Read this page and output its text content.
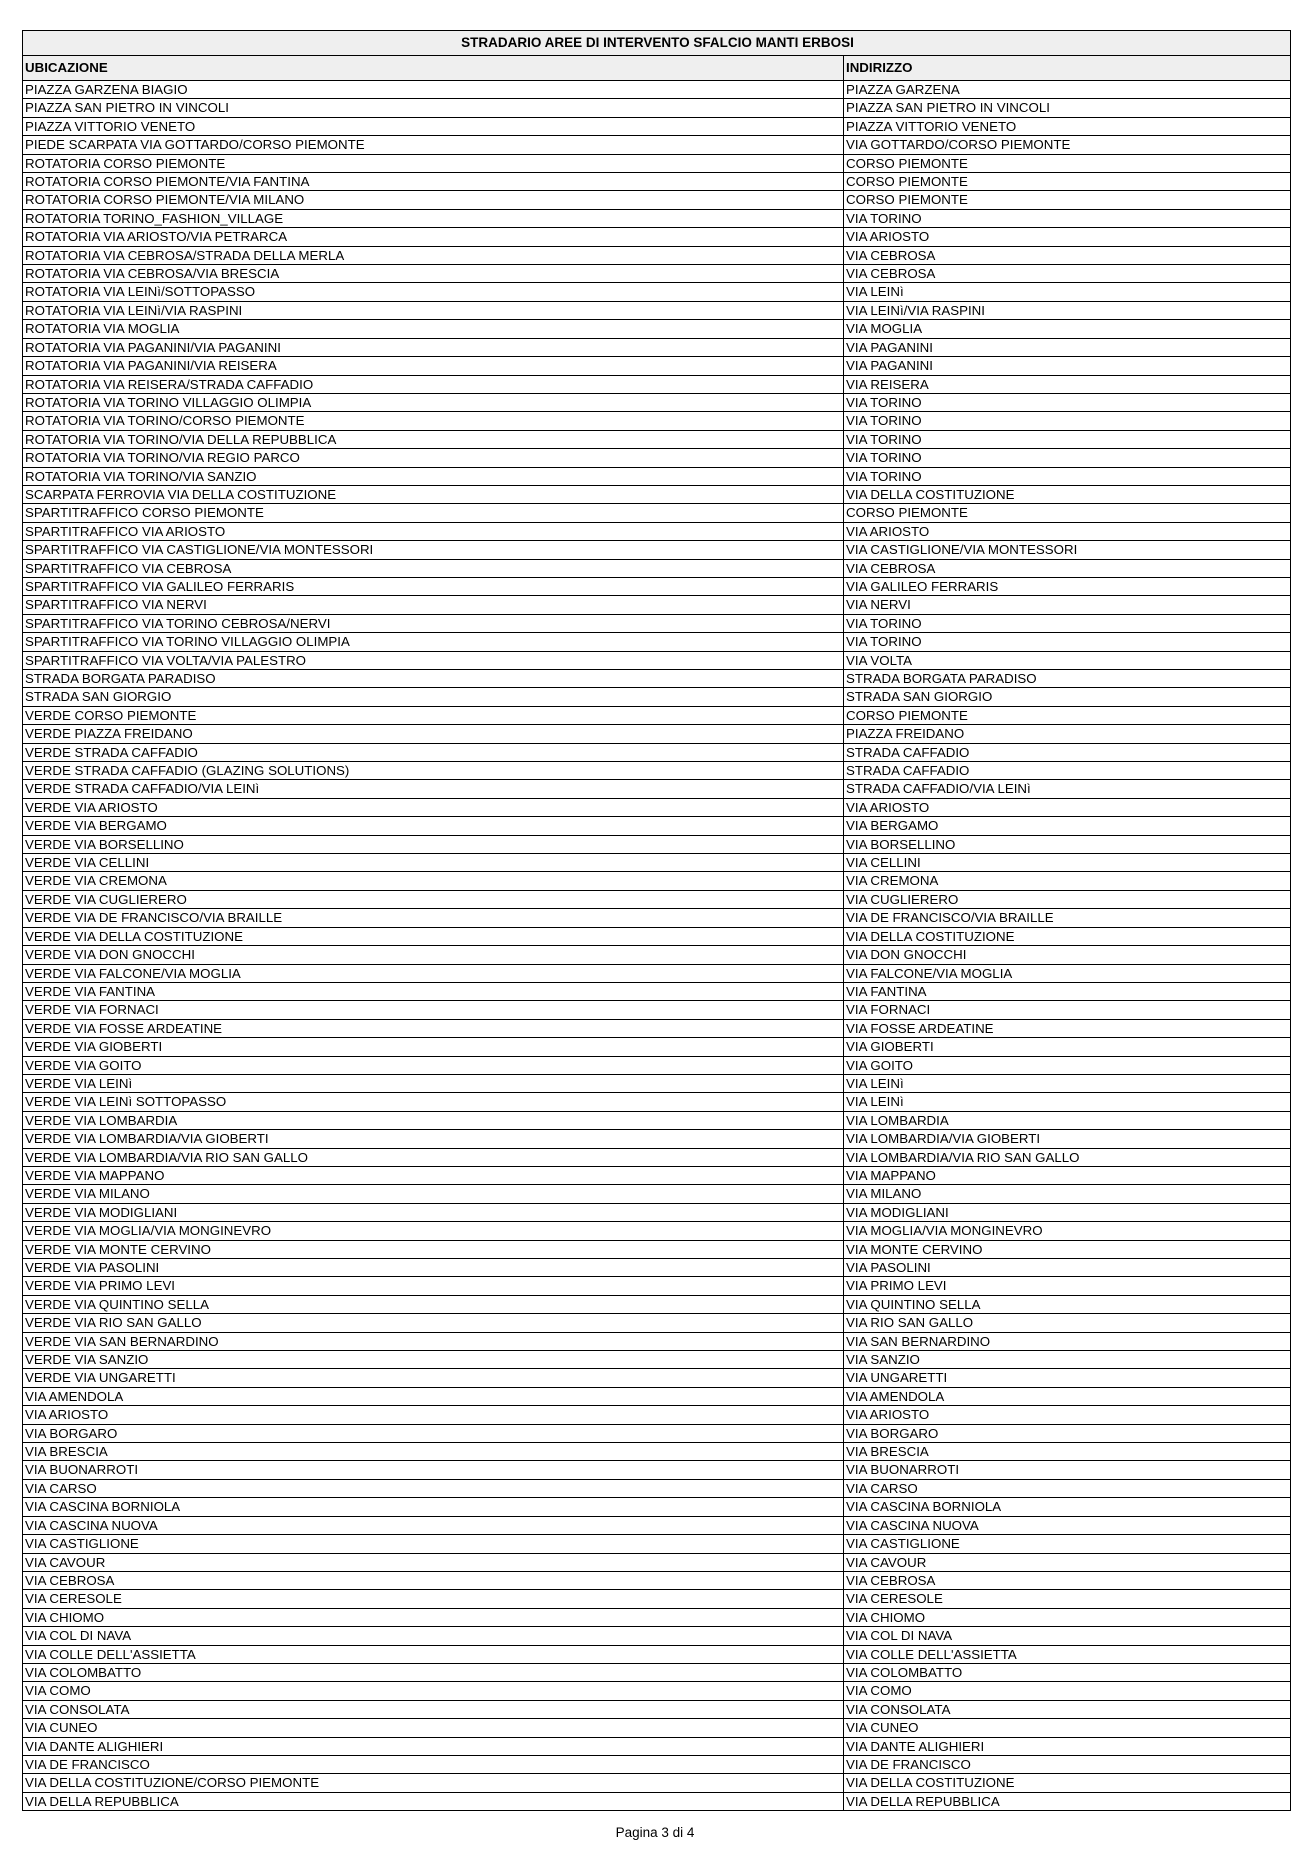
STRADARIO AREE DI INTERVENTO SFALCIO MANTI ERBOSI	
UBICAZIONE	INDIRIZZO
PIAZZA GARZENA BIAGIO	PIAZZA GARZENA
PIAZZA SAN PIETRO IN VINCOLI	PIAZZA SAN PIETRO IN VINCOLI
PIAZZA VITTORIO VENETO	PIAZZA VITTORIO VENETO
PIEDE SCARPATA VIA GOTTARDO/CORSO PIEMONTE	VIA GOTTARDO/CORSO PIEMONTE
ROTATORIA CORSO PIEMONTE	CORSO PIEMONTE
ROTATORIA CORSO PIEMONTE/VIA FANTINA	CORSO PIEMONTE
ROTATORIA CORSO PIEMONTE/VIA MILANO	CORSO PIEMONTE
ROTATORIA TORINO_FASHION_VILLAGE	VIA TORINO
ROTATORIA VIA ARIOSTO/VIA PETRARCA	VIA ARIOSTO
ROTATORIA VIA CEBROSA/STRADA DELLA MERLA	VIA CEBROSA
ROTATORIA VIA CEBROSA/VIA BRESCIA	VIA CEBROSA
ROTATORIA VIA LEINì/SOTTOPASSO	VIA LEINì
ROTATORIA VIA LEINì/VIA RASPINI	VIA LEINì/VIA RASPINI
ROTATORIA VIA MOGLIA	VIA MOGLIA
ROTATORIA VIA PAGANINI/VIA PAGANINI	VIA PAGANINI
ROTATORIA VIA PAGANINI/VIA REISERA	VIA PAGANINI
ROTATORIA VIA REISERA/STRADA CAFFADIO	VIA REISERA
ROTATORIA VIA TORINO VILLAGGIO OLIMPIA	VIA TORINO
ROTATORIA VIA TORINO/CORSO PIEMONTE	VIA TORINO
ROTATORIA VIA TORINO/VIA DELLA REPUBBLICA	VIA TORINO
ROTATORIA VIA TORINO/VIA REGIO PARCO	VIA TORINO
ROTATORIA VIA TORINO/VIA SANZIO	VIA TORINO
SCARPATA FERROVIA VIA DELLA COSTITUZIONE	VIA DELLA COSTITUZIONE
SPARTITRAFFICO CORSO PIEMONTE	CORSO PIEMONTE
SPARTITRAFFICO VIA ARIOSTO	VIA ARIOSTO
SPARTITRAFFICO VIA CASTIGLIONE/VIA MONTESSORI	VIA CASTIGLIONE/VIA MONTESSORI
SPARTITRAFFICO VIA CEBROSA	VIA CEBROSA
SPARTITRAFFICO VIA GALILEO FERRARIS	VIA GALILEO FERRARIS
SPARTITRAFFICO VIA NERVI	VIA NERVI
SPARTITRAFFICO VIA TORINO CEBROSA/NERVI	VIA TORINO
SPARTITRAFFICO VIA TORINO VILLAGGIO OLIMPIA	VIA TORINO
SPARTITRAFFICO VIA VOLTA/VIA PALESTRO	VIA VOLTA
STRADA BORGATA PARADISO	STRADA BORGATA PARADISO
STRADA SAN GIORGIO	STRADA SAN GIORGIO
VERDE CORSO PIEMONTE	CORSO PIEMONTE
VERDE PIAZZA FREIDANO	PIAZZA FREIDANO
VERDE STRADA CAFFADIO	STRADA CAFFADIO
VERDE STRADA CAFFADIO (GLAZING SOLUTIONS)	STRADA CAFFADIO
VERDE STRADA CAFFADIO/VIA LEINì	STRADA CAFFADIO/VIA LEINì
VERDE VIA ARIOSTO	VIA ARIOSTO
VERDE VIA BERGAMO	VIA BERGAMO
VERDE VIA BORSELLINO	VIA BORSELLINO
VERDE VIA CELLINI	VIA CELLINI
VERDE VIA CREMONA	VIA CREMONA
VERDE VIA CUGLIERERO	VIA CUGLIERERO
VERDE VIA DE FRANCISCO/VIA BRAILLE	VIA DE FRANCISCO/VIA BRAILLE
VERDE VIA DELLA COSTITUZIONE	VIA DELLA COSTITUZIONE
VERDE VIA DON GNOCCHI	VIA DON GNOCCHI
VERDE VIA FALCONE/VIA MOGLIA	VIA FALCONE/VIA MOGLIA
VERDE VIA FANTINA	VIA FANTINA
VERDE VIA FORNACI	VIA FORNACI
VERDE VIA FOSSE ARDEATINE	VIA FOSSE ARDEATINE
VERDE VIA GIOBERTI	VIA GIOBERTI
VERDE VIA GOITO	VIA GOITO
VERDE VIA LEINì	VIA LEINì
VERDE VIA LEINì SOTTOPASSO	VIA LEINì
VERDE VIA LOMBARDIA	VIA LOMBARDIA
VERDE VIA LOMBARDIA/VIA GIOBERTI	VIA LOMBARDIA/VIA GIOBERTI
VERDE VIA LOMBARDIA/VIA RIO SAN GALLO	VIA LOMBARDIA/VIA RIO SAN GALLO
VERDE VIA MAPPANO	VIA MAPPANO
VERDE VIA MILANO	VIA MILANO
VERDE VIA MODIGLIANI	VIA MODIGLIANI
VERDE VIA MOGLIA/VIA MONGINEVRO	VIA MOGLIA/VIA MONGINEVRO
VERDE VIA MONTE CERVINO	VIA MONTE CERVINO
VERDE VIA PASOLINI	VIA PASOLINI
VERDE VIA PRIMO LEVI	VIA PRIMO LEVI
VERDE VIA QUINTINO SELLA	VIA QUINTINO SELLA
VERDE VIA RIO SAN GALLO	VIA RIO SAN GALLO
VERDE VIA SAN BERNARDINO	VIA SAN BERNARDINO
VERDE VIA SANZIO	VIA SANZIO
VERDE VIA UNGARETTI	VIA UNGARETTI
VIA AMENDOLA	VIA AMENDOLA
VIA ARIOSTO	VIA ARIOSTO
VIA BORGARO	VIA BORGARO
VIA BRESCIA	VIA BRESCIA
VIA BUONARROTI	VIA BUONARROTI
VIA CARSO	VIA CARSO
VIA CASCINA BORNIOLA	VIA CASCINA BORNIOLA
VIA CASCINA NUOVA	VIA CASCINA NUOVA
VIA CASTIGLIONE	VIA CASTIGLIONE
VIA CAVOUR	VIA CAVOUR
VIA CEBROSA	VIA CEBROSA
VIA CERESOLE	VIA CERESOLE
VIA CHIOMO	VIA CHIOMO
VIA COL DI NAVA	VIA COL DI NAVA
VIA COLLE DELL'ASSIETTA	VIA COLLE DELL'ASSIETTA
VIA COLOMBATTO	VIA COLOMBATTO
VIA COMO	VIA COMO
VIA CONSOLATA	VIA CONSOLATA
VIA CUNEO	VIA CUNEO
VIA DANTE ALIGHIERI	VIA DANTE ALIGHIERI
VIA DE FRANCISCO	VIA DE FRANCISCO
VIA DELLA COSTITUZIONE/CORSO PIEMONTE	VIA DELLA COSTITUZIONE
VIA DELLA REPUBBLICA	VIA DELLA REPUBBLICA
Pagina 3 di 4
